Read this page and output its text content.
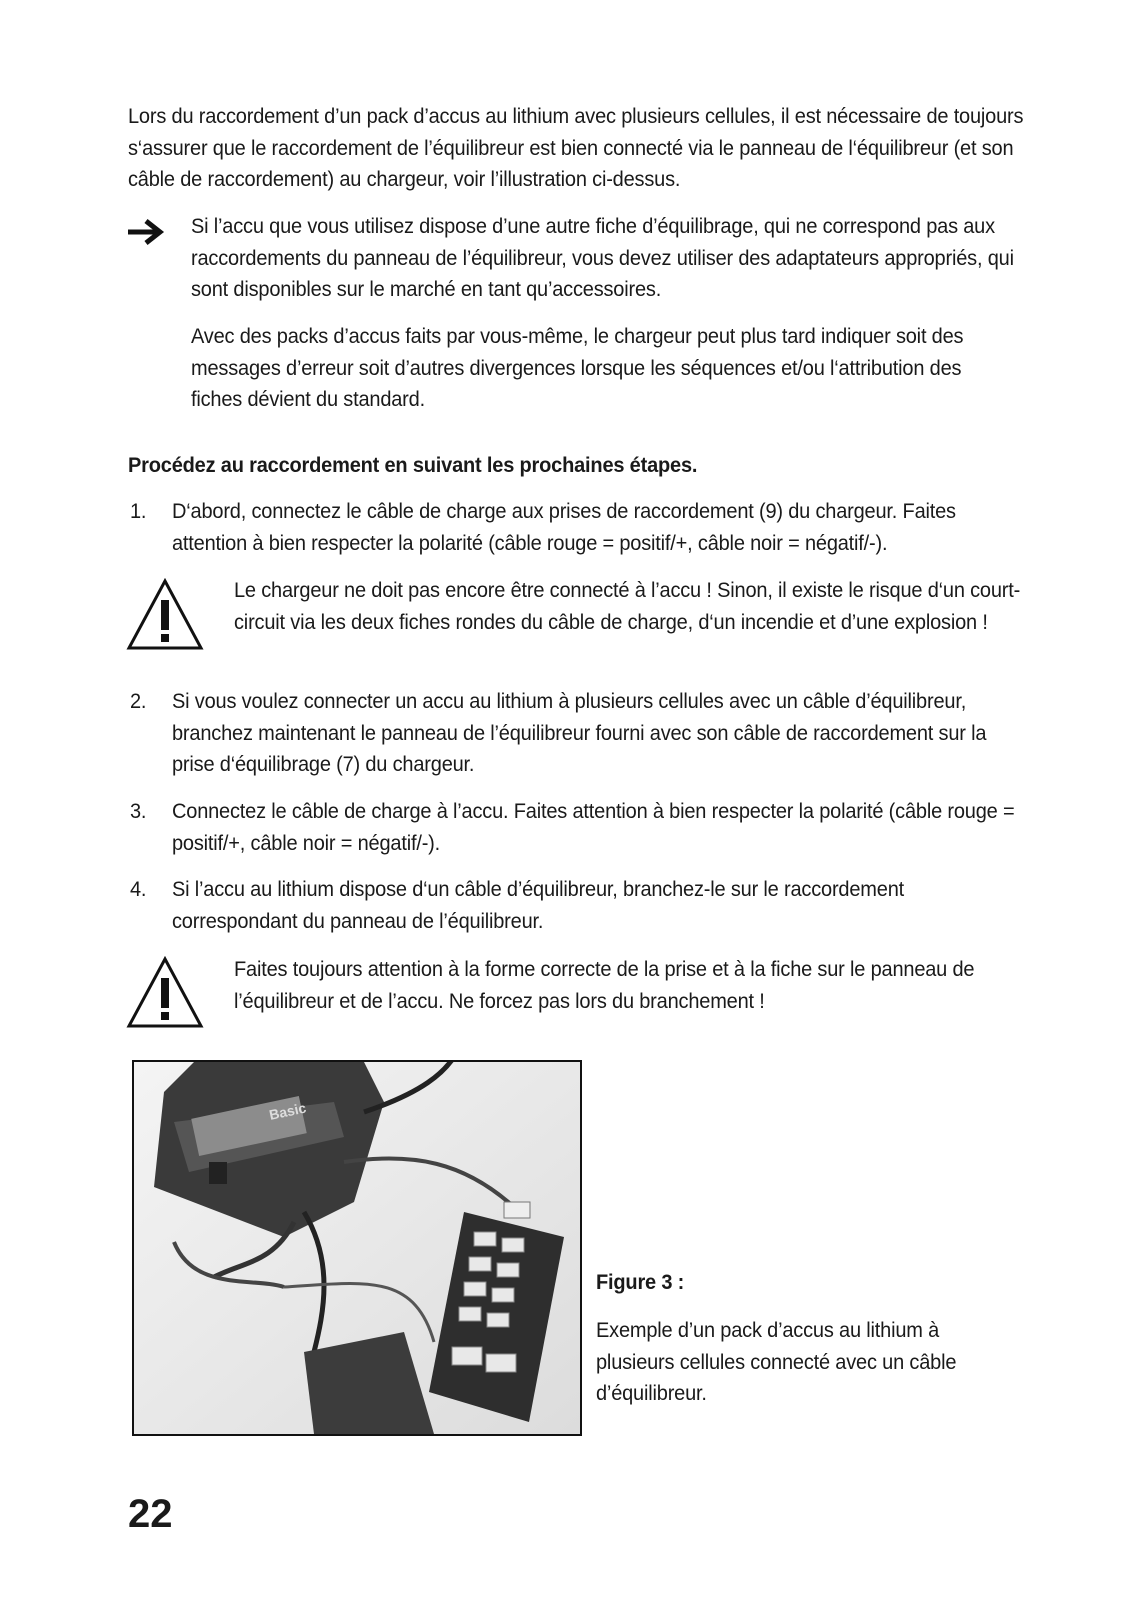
Lors du raccordement d’un pack d’accus au lithium avec plusieurs cellules, il est nécessaire de toujours s‘assurer que le raccordement de l’équilibreur est bien connecté via le panneau de l‘équilibreur (et son câble de raccordement) au chargeur, voir l’illustration ci-dessus.
Si l’accu que vous utilisez dispose d’une autre fiche d’équilibrage, qui ne correspond pas aux raccordements du panneau de l’équilibreur, vous devez utiliser des adaptateurs appropriés, qui sont disponibles sur le marché en tant qu’accessoires.
Avec des packs d’accus faits par vous-même, le chargeur peut plus tard indiquer soit des messages d’erreur soit d’autres divergences lorsque les séquences et/ou l‘attribution des fiches dévient du standard.
Procédez au raccordement en suivant les prochaines étapes.
1. D‘abord, connectez le câble de charge aux prises de raccordement (9) du chargeur. Faites attention à bien respecter la polarité (câble rouge = positif/+, câble noir = négatif/-).
Le chargeur ne doit pas encore être connecté à l’accu ! Sinon, il existe le risque d‘un court-circuit via les deux fiches rondes du câble de charge, d‘un incendie et d’une explosion !
2. Si vous voulez connecter un accu au lithium à plusieurs cellules avec un câble d’équilibreur, branchez maintenant le panneau de l’équilibreur fourni avec son câble de raccordement sur la prise d‘équilibrage (7) du chargeur.
3. Connectez le câble de charge à l’accu. Faites attention à bien respecter la polarité (câble rouge = positif/+, câble noir = négatif/-).
4. Si l’accu au lithium dispose d‘un câble d’équilibreur, branchez-le sur le raccordement correspondant du panneau de l’équilibreur.
Faites toujours attention à la forme correcte de la prise et à la fiche sur le panneau de l’équilibreur et de l’accu. Ne forcez pas lors du branchement !
Basic
Figure 3 :
Exemple d’un pack d’accus au lithium à plusieurs cellules connecté avec un câble d’équilibreur.
22
